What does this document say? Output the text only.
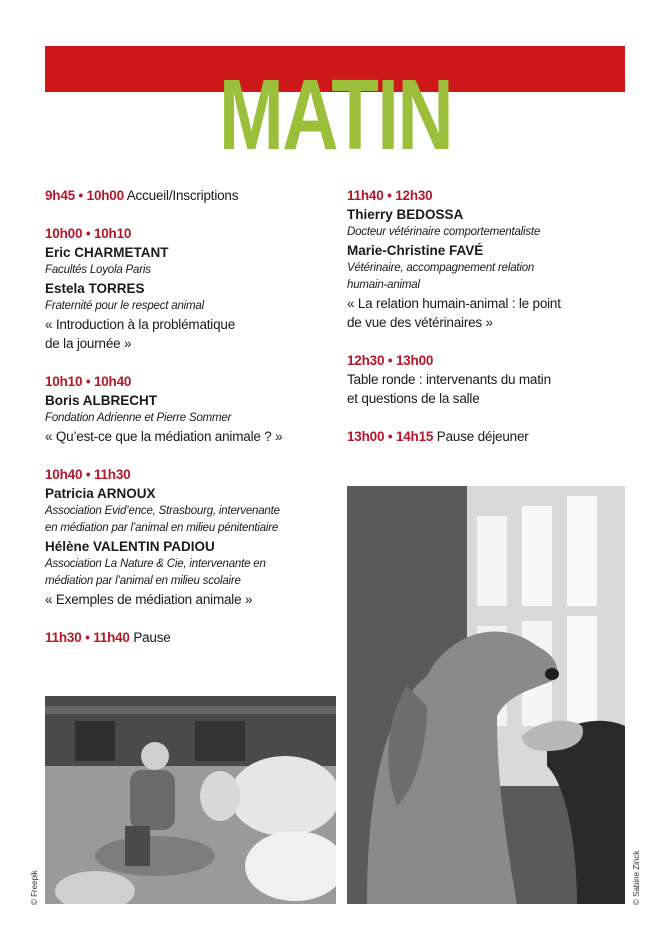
MATIN
9h45 • 10h00 Accueil/Inscriptions
10h00 • 10h10
Eric CHARMETANT
Facultés Loyola Paris
Estela TORRES
Fraternité pour le respect animal
« Introduction à la problématique
de la journée »
10h10 • 10h40
Boris ALBRECHT
Fondation Adrienne et Pierre Sommer
« Qu’est-ce que la médiation animale ? »
10h40 • 11h30
Patricia ARNOUX
Association Evid’ence, Strasbourg, intervenante
en médiation par l’animal en milieu pénitentiaire
Hélène VALENTIN PADIOU
Association La Nature & Cie, intervenante en
médiation par l’animal en milieu scolaire
« Exemples de médiation animale »
11h30 • 11h40 Pause
11h40 • 12h30
Thierry BEDOSSA
Docteur vétérinaire comportementaliste
Marie-Christine FAVÉ
Vétérinaire, accompagnement relation
humain-animal
« La relation humain-animal : le point
de vue des vétérinaires »
12h30 • 13h00
Table ronde : intervenants du matin
et questions de la salle
13h00 • 14h15 Pause déjeuner
© Freepik	© Sabine Zinck
